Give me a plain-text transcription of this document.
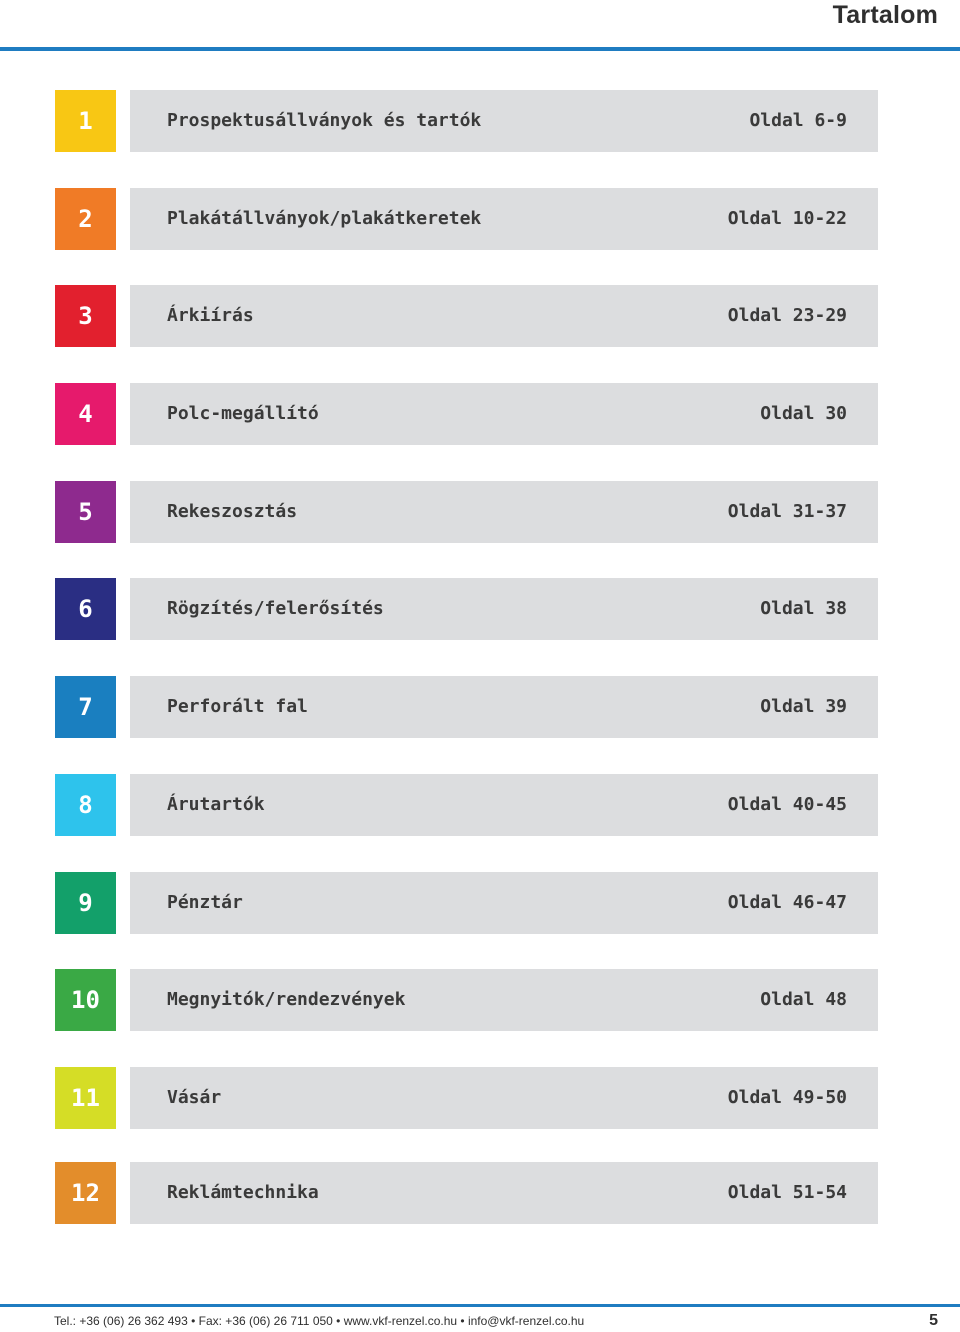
Tartalom
1	Prospektusállványok és tartók	Oldal 6-9
2	Plakátállványok/plakátkeretek	Oldal 10-22
3	Árkiírás	Oldal 23-29
4	Polc-megállító	Oldal 30
5	Rekeszosztás	Oldal 31-37
6	Rögzítés/felerősítés	Oldal 38
7	Perforált fal	Oldal 39
8	Árutartók	Oldal 40-45
9	Pénztár	Oldal 46-47
10	Megnyitók/rendezvények	Oldal 48
11	Vásár	Oldal 49-50
12	Reklámtechnika	Oldal 51-54
Tel.: +36 (06) 26 362 493 • Fax: +36 (06) 26 711 050 • www.vkf-renzel.co.hu • info@vkf-renzel.co.hu	5
